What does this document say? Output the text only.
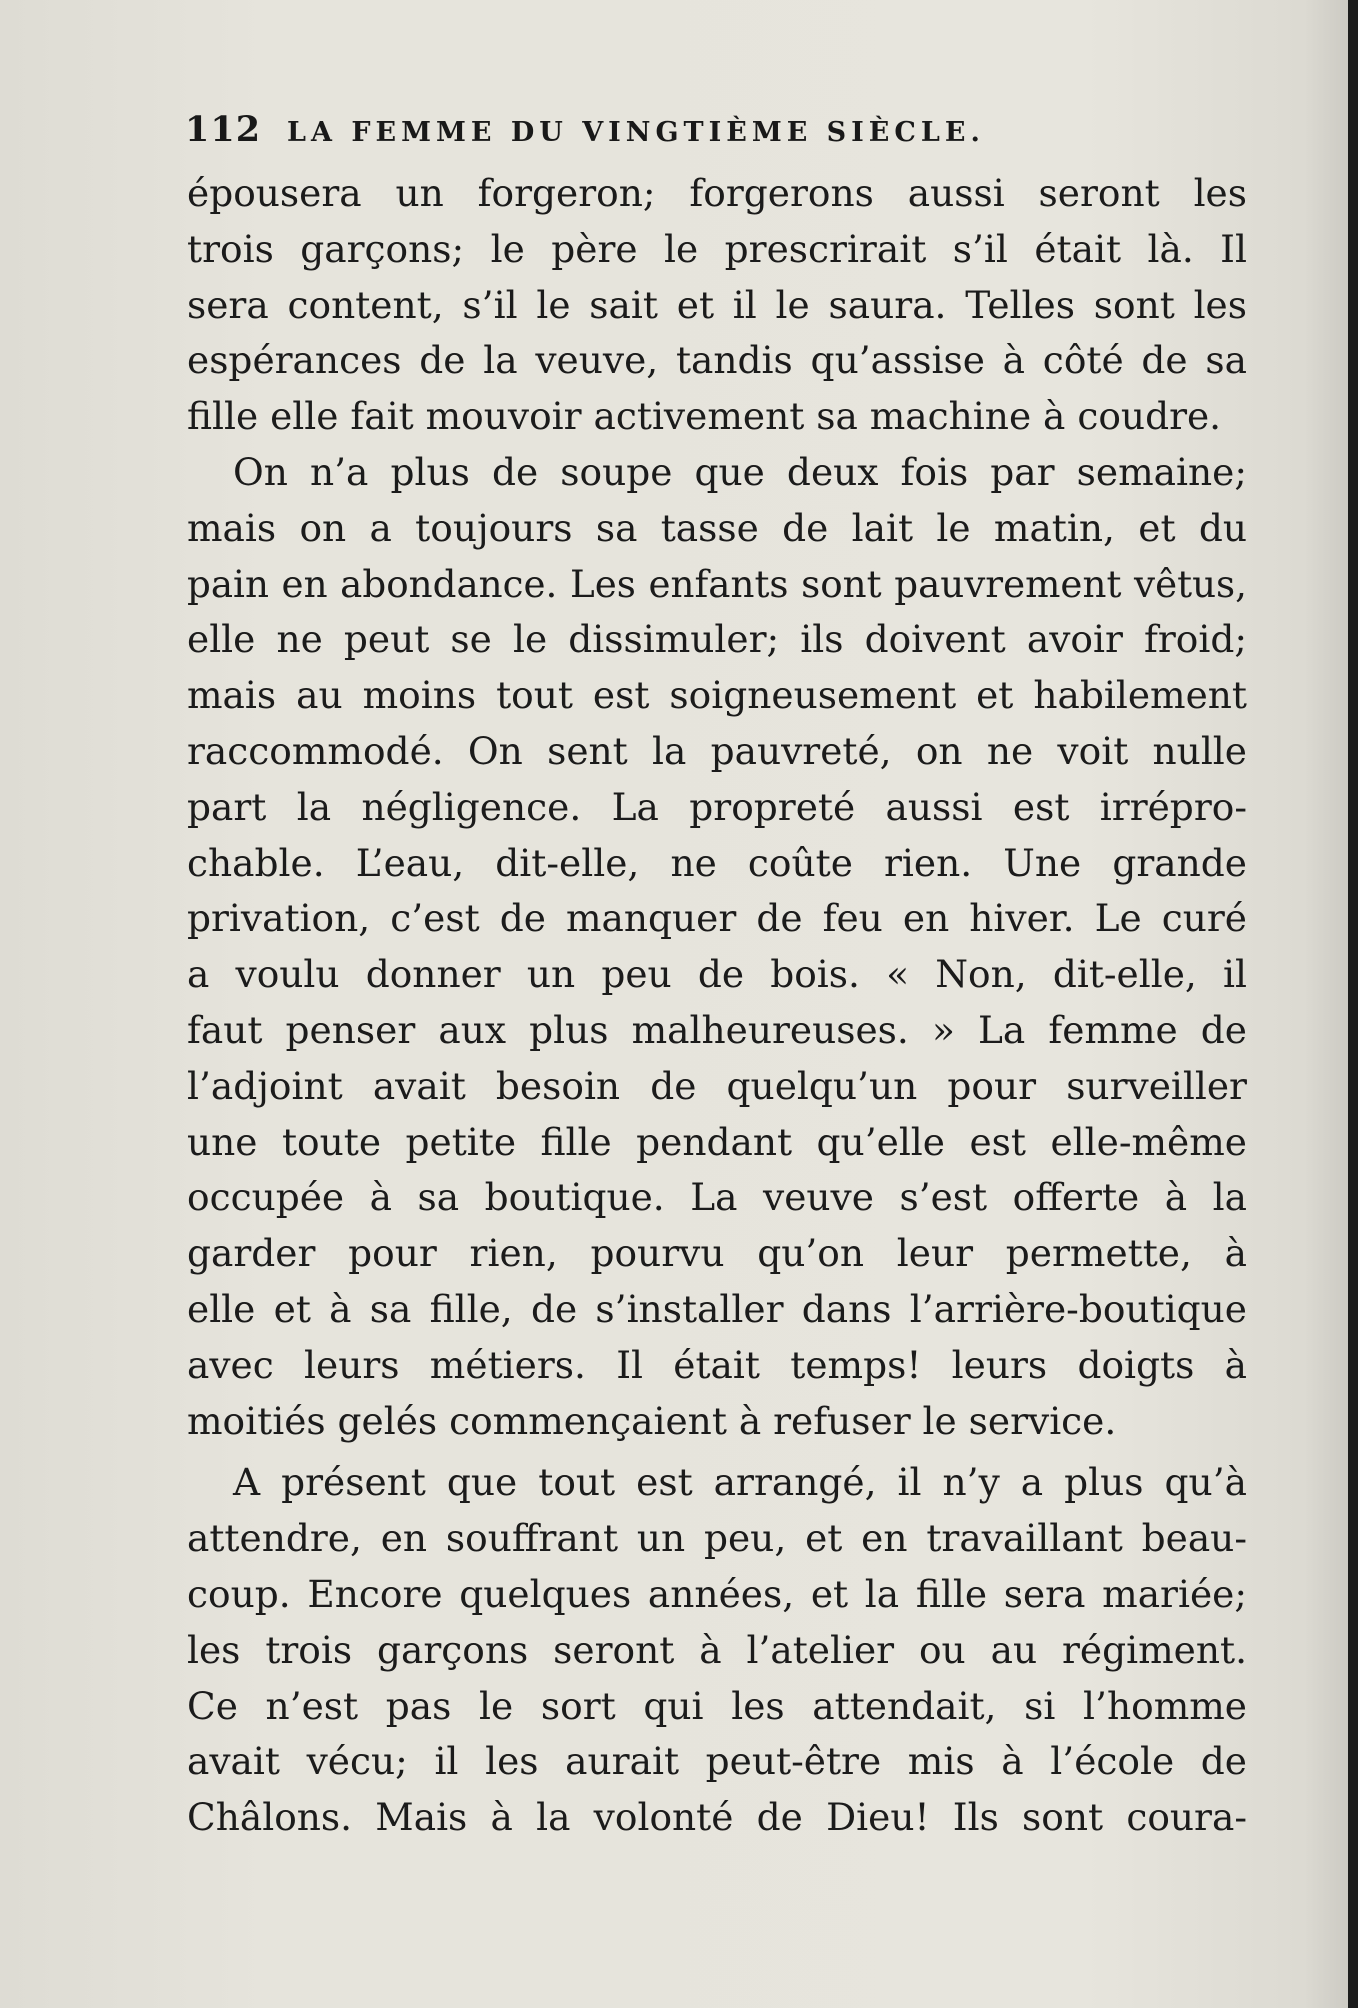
112 LA FEMME DU VINGTIÈME SIÈCLE.
épousera un forgeron; forgerons aussi seront les
trois garçons; le père le prescrirait s’il était là. Il
sera content, s’il le sait et il le saura. Telles sont les
espérances de la veuve, tandis qu’assise à côté de sa
fille elle fait mouvoir activement sa machine à coudre.
On n’a plus de soupe que deux fois par semaine;
mais on a toujours sa tasse de lait le matin, et du
pain en abondance. Les enfants sont pauvrement vêtus,
elle ne peut se le dissimuler; ils doivent avoir froid;
mais au moins tout est soigneusement et habilement
raccommodé. On sent la pauvreté, on ne voit nulle
part la négligence. La propreté aussi est irrépro-
chable. L’eau, dit-elle, ne coûte rien. Une grande
privation, c’est de manquer de feu en hiver. Le curé
a voulu donner un peu de bois. « Non, dit-elle, il
faut penser aux plus malheureuses. » La femme de
l’adjoint avait besoin de quelqu’un pour surveiller
une toute petite fille pendant qu’elle est elle-même
occupée à sa boutique. La veuve s’est offerte à la
garder pour rien, pourvu qu’on leur permette, à
elle et à sa fille, de s’installer dans l’arrière-boutique
avec leurs métiers. Il était temps! leurs doigts à
moitiés gelés commençaient à refuser le service.
A présent que tout est arrangé, il n’y a plus qu’à
attendre, en souffrant un peu, et en travaillant beau-
coup. Encore quelques années, et la fille sera mariée;
les trois garçons seront à l’atelier ou au régiment.
Ce n’est pas le sort qui les attendait, si l’homme
avait vécu; il les aurait peut-être mis à l’école de
Châlons. Mais à la volonté de Dieu! Ils sont coura-
